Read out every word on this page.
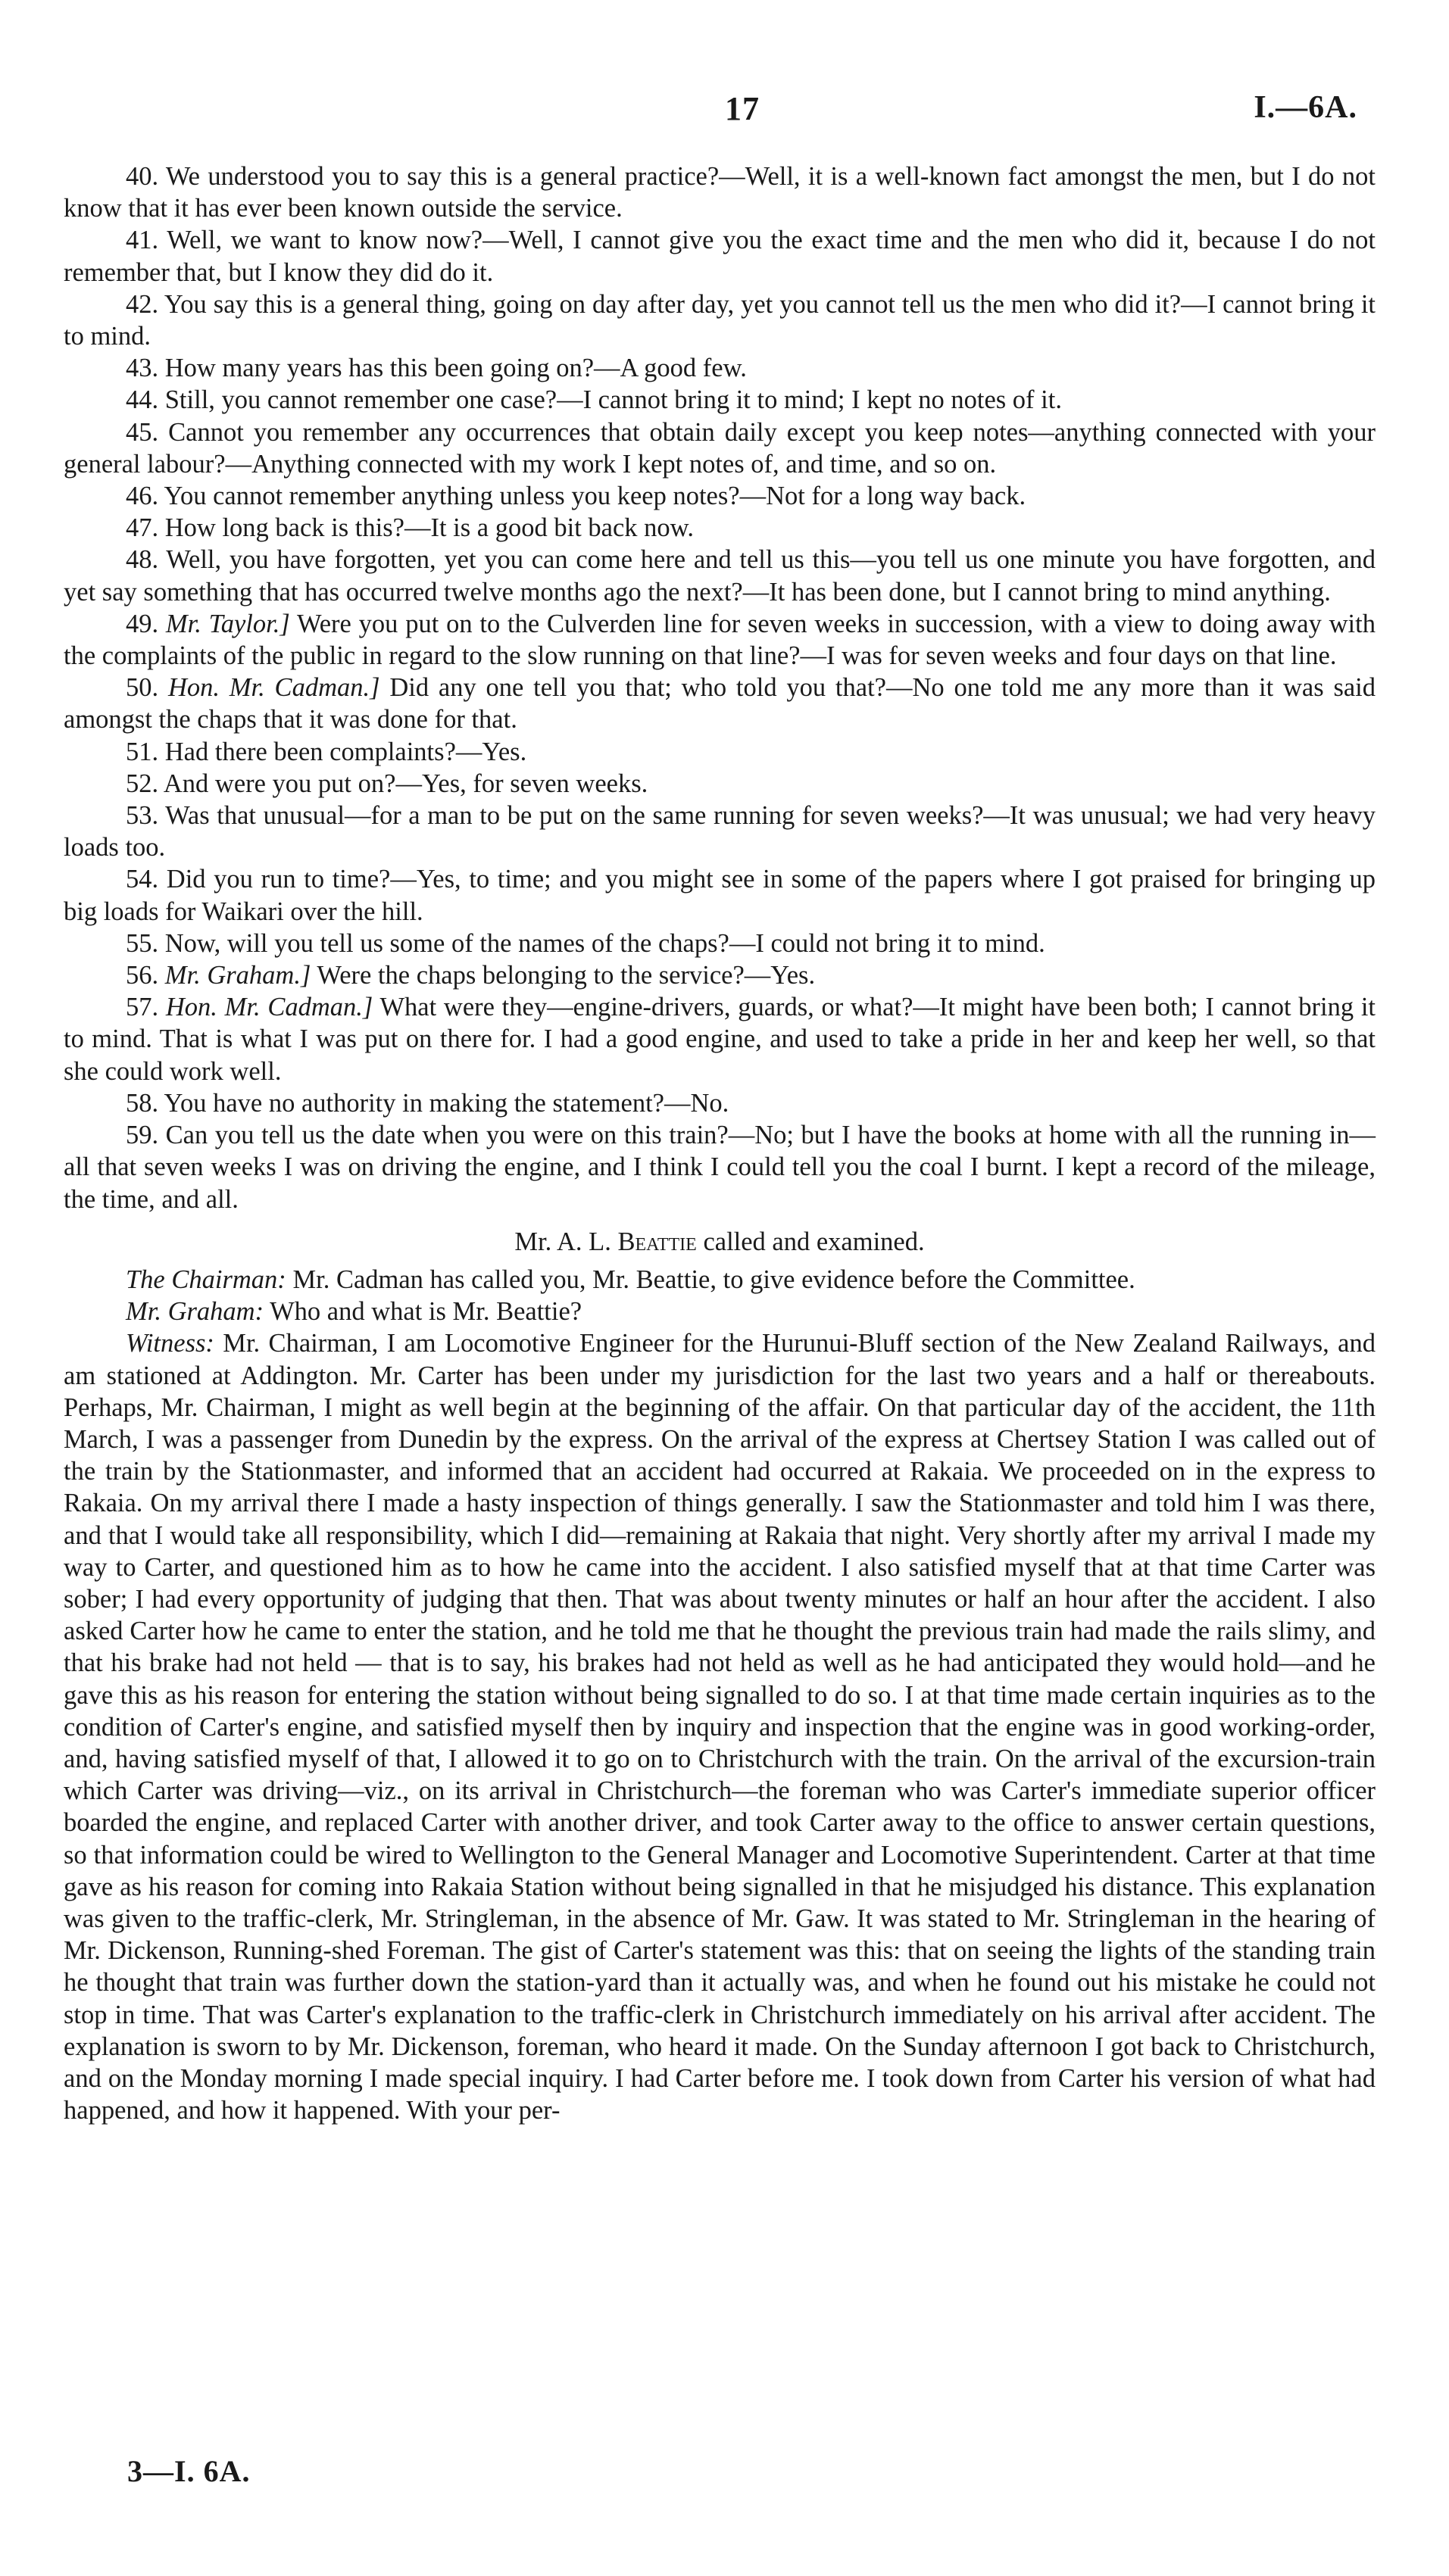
17	I.—6A.

40. We understood you to say this is a general practice?—Well, it is a well-known fact amongst the men, but I do not know that it has ever been known outside the service.

41. Well, we want to know now?—Well, I cannot give you the exact time and the men who did it, because I do not remember that, but I know they did do it.

42. You say this is a general thing, going on day after day, yet you cannot tell us the men who did it?—I cannot bring it to mind.

43. How many years has this been going on?—A good few.

44. Still, you cannot remember one case?—I cannot bring it to mind; I kept no notes of it.

45. Cannot you remember any occurrences that obtain daily except you keep notes—anything connected with your general labour?—Anything connected with my work I kept notes of, and time, and so on.

46. You cannot remember anything unless you keep notes?—Not for a long way back.

47. How long back is this?—It is a good bit back now.

48. Well, you have forgotten, yet you can come here and tell us this—you tell us one minute you have forgotten, and yet say something that has occurred twelve months ago the next?—It has been done, but I cannot bring to mind anything.

49. Mr. Taylor.] Were you put on to the Culverden line for seven weeks in succession, with a view to doing away with the complaints of the public in regard to the slow running on that line?—I was for seven weeks and four days on that line.

50. Hon. Mr. Cadman.] Did any one tell you that; who told you that?—No one told me any more than it was said amongst the chaps that it was done for that.

51. Had there been complaints?—Yes.

52. And were you put on?—Yes, for seven weeks.

53. Was that unusual—for a man to be put on the same running for seven weeks?—It was unusual; we had very heavy loads too.

54. Did you run to time?—Yes, to time; and you might see in some of the papers where I got praised for bringing up big loads for Waikari over the hill.

55. Now, will you tell us some of the names of the chaps?—I could not bring it to mind.

56. Mr. Graham.] Were the chaps belonging to the service?—Yes.

57. Hon. Mr. Cadman.] What were they—engine-drivers, guards, or what?—It might have been both; I cannot bring it to mind. That is what I was put on there for. I had a good engine, and used to take a pride in her and keep her well, so that she could work well.

58. You have no authority in making the statement?—No.

59. Can you tell us the date when you were on this train?—No; but I have the books at home with all the running in—all that seven weeks I was on driving the engine, and I think I could tell you the coal I burnt. I kept a record of the mileage, the time, and all.

Mr. A. L. Beattie called and examined.

The Chairman: Mr. Cadman has called you, Mr. Beattie, to give evidence before the Committee.

Mr. Graham: Who and what is Mr. Beattie?

Witness: Mr. Chairman, I am Locomotive Engineer for the Hurunui-Bluff section of the New Zealand Railways, and am stationed at Addington. Mr. Carter has been under my jurisdiction for the last two years and a half or thereabouts. Perhaps, Mr. Chairman, I might as well begin at the beginning of the affair. On that particular day of the accident, the 11th March, I was a passenger from Dunedin by the express. On the arrival of the express at Chertsey Station I was called out of the train by the Stationmaster, and informed that an accident had occurred at Rakaia. We proceeded on in the express to Rakaia. On my arrival there I made a hasty inspection of things generally. I saw the Stationmaster and told him I was there, and that I would take all responsibility, which I did—remaining at Rakaia that night. Very shortly after my arrival I made my way to Carter, and questioned him as to how he came into the accident. I also satisfied myself that at that time Carter was sober; I had every opportunity of judging that then. That was about twenty minutes or half an hour after the accident. I also asked Carter how he came to enter the station, and he told me that he thought the previous train had made the rails slimy, and that his brake had not held — that is to say, his brakes had not held as well as he had anticipated they would hold—and he gave this as his reason for entering the station without being signalled to do so. I at that time made certain inquiries as to the condition of Carter's engine, and satisfied myself then by inquiry and inspection that the engine was in good working-order, and, having satisfied myself of that, I allowed it to go on to Christchurch with the train. On the arrival of the excursion-train which Carter was driving—viz., on its arrival in Christchurch—the foreman who was Carter's immediate superior officer boarded the engine, and replaced Carter with another driver, and took Carter away to the office to answer certain questions, so that information could be wired to Wellington to the General Manager and Locomotive Superintendent. Carter at that time gave as his reason for coming into Rakaia Station without being signalled in that he misjudged his distance. This explanation was given to the traffic-clerk, Mr. Stringleman, in the absence of Mr. Gaw. It was stated to Mr. Stringleman in the hearing of Mr. Dickenson, Running-shed Foreman. The gist of Carter's statement was this: that on seeing the lights of the standing train he thought that train was further down the station-yard than it actually was, and when he found out his mistake he could not stop in time. That was Carter's explanation to the traffic-clerk in Christchurch immediately on his arrival after accident. The explanation is sworn to by Mr. Dickenson, foreman, who heard it made. On the Sunday afternoon I got back to Christchurch, and on the Monday morning I made special inquiry. I had Carter before me. I took down from Carter his version of what had happened, and how it happened. With your per-

3—I. 6A.
